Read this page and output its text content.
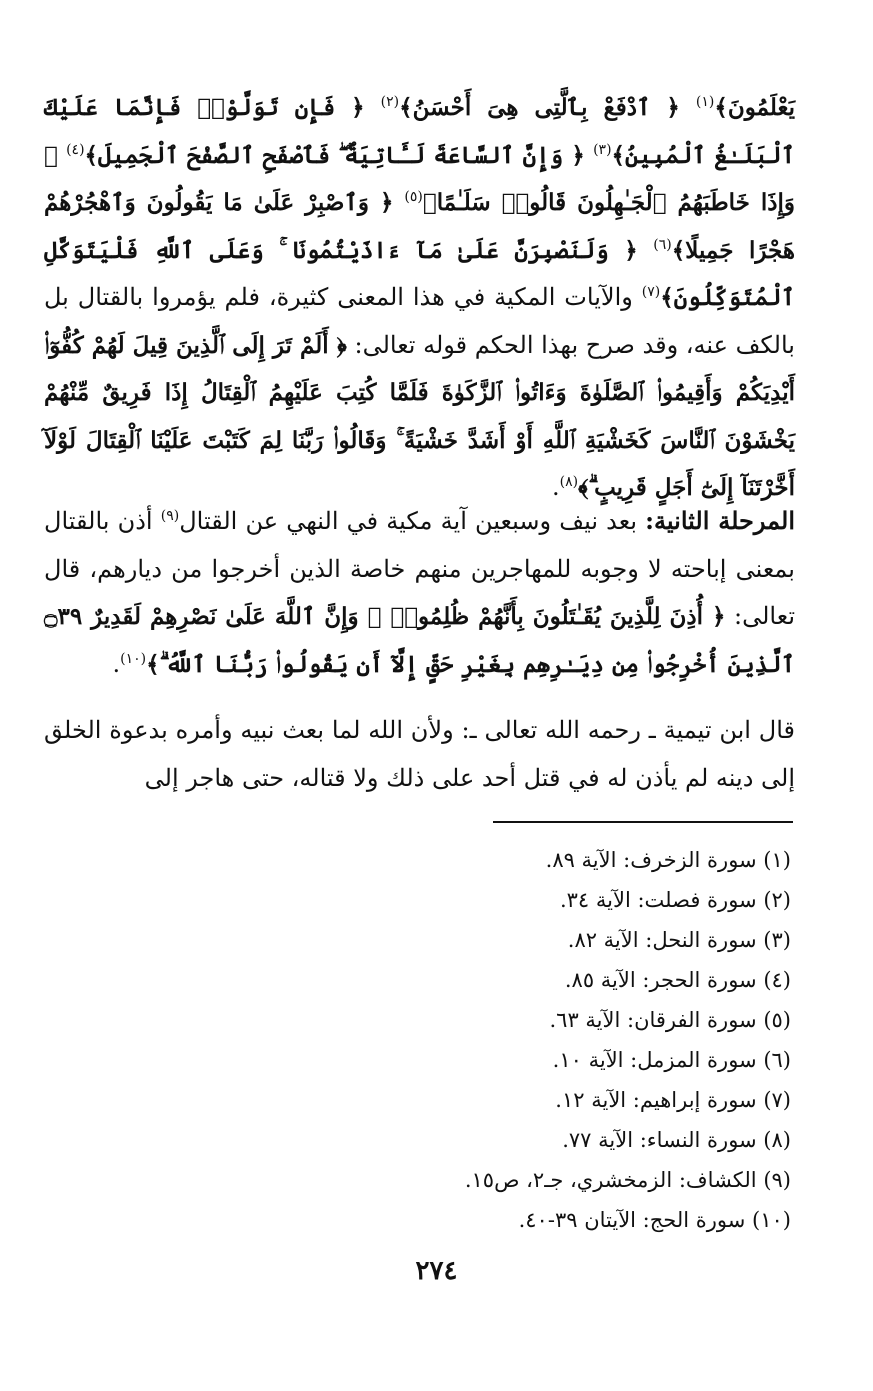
يَعْلَمُونَ﴾$^{(١)}$ ﴿ ٱدْفَعْ بِٱلَّتِى هِىَ أَحْسَنُ﴾$^{(٢)}$ ﴿ فَإِن تَوَلَّوْا۟ فَإِنَّمَا عَلَيْكَ ٱلْبَلَـٰغُ ٱلْمُبِينُ﴾$^{(٣)}$ ﴿ وَإِنَّ ٱلسَّاعَةَ لَـَٔاتِيَةٌ ۖ فَٱصْفَحِ ٱلصَّفْحَ ٱلْجَمِيلَ﴾$^{(٤)}$ ﴿ وَإِذَا خَاطَبَهُمُ ٱلْجَـٰهِلُونَ قَالُوا۟ سَلَـٰمًا﴾$^{(٥)}$ ﴿ وَٱصْبِرْ عَلَىٰ مَا يَقُولُونَ وَٱهْجُرْهُمْ هَجْرًا جَمِيلًا﴾$^{(٦)}$ ﴿ وَلَنَصْبِرَنَّ عَلَىٰ مَآ ءَاذَيْتُمُونَا ۚ وَعَلَى ٱللَّهِ فَلْيَتَوَكَّلِ ٱلْمُتَوَكِّلُونَ﴾$^{(٧)}$ والآيات المكية في هذا المعنى كثيرة، فلم يؤمروا بالقتال بل بالكف عنه، وقد صرح بهذا الحكم قوله تعالى: ﴿ أَلَمْ تَرَ إِلَى ٱلَّذِينَ قِيلَ لَهُمْ كُفُّوٓا۟ أَيْدِيَكُمْ وَأَقِيمُوا۟ ٱلصَّلَوٰةَ وَءَاتُوا۟ ٱلزَّكَوٰةَ فَلَمَّا كُتِبَ عَلَيْهِمُ ٱلْقِتَالُ إِذَا فَرِيقٌ مِّنْهُمْ يَخْشَوْنَ ٱلنَّاسَ كَخَشْيَةِ ٱللَّهِ أَوْ أَشَدَّ خَشْيَةً ۚ وَقَالُوا۟ رَبَّنَا لِمَ كَتَبْتَ عَلَيْنَا ٱلْقِتَالَ لَوْلَآ أَخَّرْتَنَآ إِلَىٰٓ أَجَلٍ قَرِيبٍ ۗ﴾$^{(٨)}$.

المرحلة الثانية: بعد نيف وسبعين آية مكية في النهي عن القتال$^{(٩)}$ أذن بالقتال بمعنى إباحته لا وجوبه للمهاجرين منهم خاصة الذين أخرجوا من ديارهم، قال تعالى: ﴿ أُذِنَ لِلَّذِينَ يُقَـٰتَلُونَ بِأَنَّهُمْ ظُلِمُوا۟ ۚ وَإِنَّ ٱللَّهَ عَلَىٰ نَصْرِهِمْ لَقَدِيرٌ ۝٣٩ ٱلَّذِينَ أُخْرِجُوا۟ مِن دِيَـٰرِهِم بِغَيْرِ حَقٍّ إِلَّآ أَن يَقُولُوا۟ رَبُّنَا ٱللَّهُ ۗ﴾$^{(١٠)}$.

قال ابن تيمية ـ رحمه الله تعالى ـ: ولأن الله لما بعث نبيه وأمره بدعوة الخلق إلى دينه لم يأذن له في قتل أحد على ذلك ولا قتاله، حتى هاجر إلى

(١) سورة الزخرف: الآية ٨٩.
(٢) سورة فصلت: الآية ٣٤.
(٣) سورة النحل: الآية ٨٢.
(٤) سورة الحجر: الآية ٨٥.
(٥) سورة الفرقان: الآية ٦٣.
(٦) سورة المزمل: الآية ١٠.
(٧) سورة إبراهيم: الآية ١٢.
(٨) سورة النساء: الآية ٧٧.
(٩) الكشاف: الزمخشري، جـ٢، ص١٥.
(١٠) سورة الحج: الآيتان ٣٩-٤٠.
٢٧٤
